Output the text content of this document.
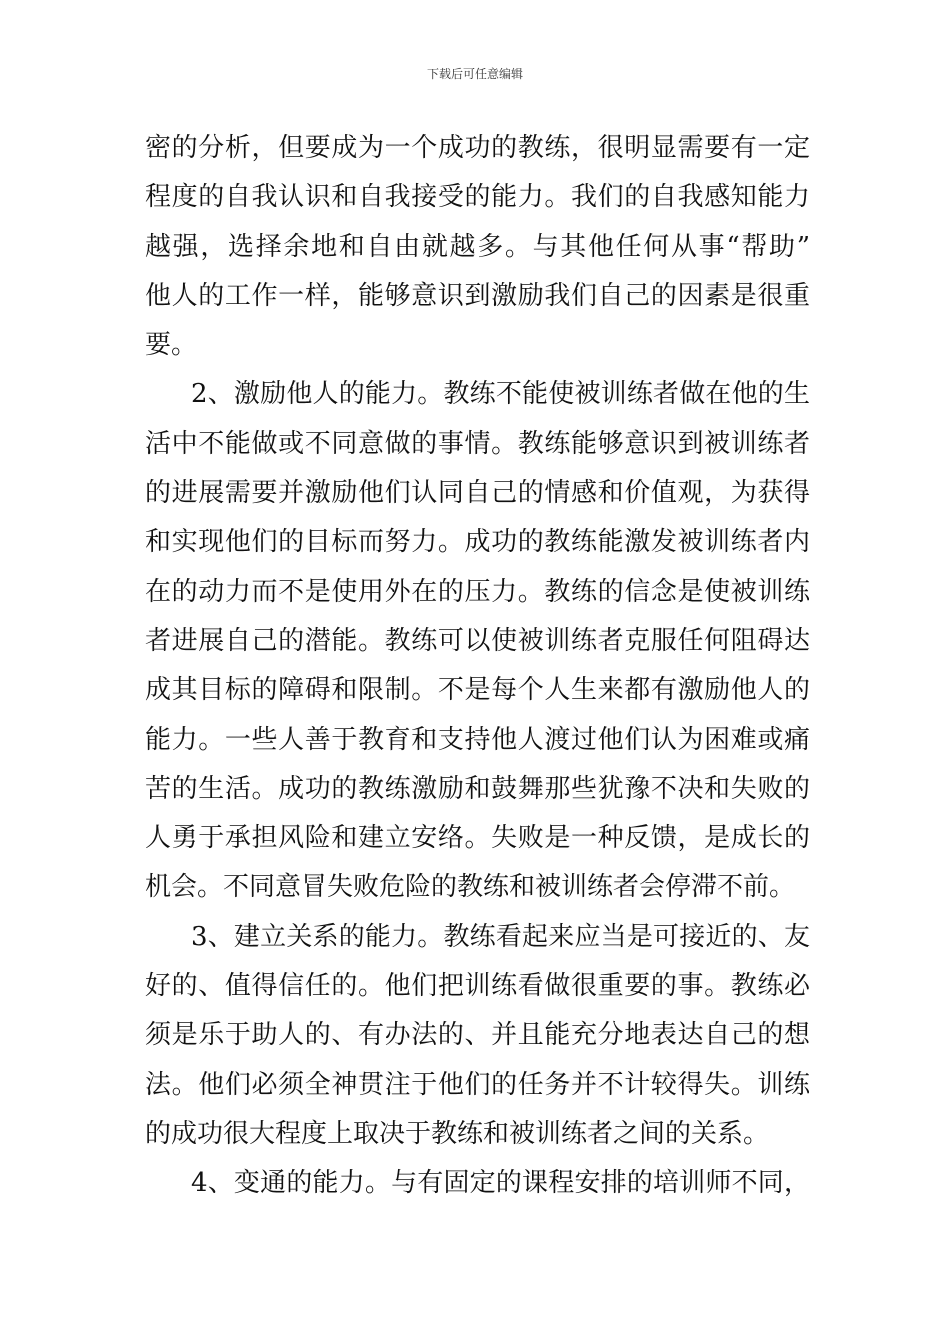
下载后可任意编辑
密的分析，但要成为一个成功的教练，很明显需要有一定
程度的自我认识和自我接受的能力。我们的自我感知能力
越强，选择余地和自由就越多。与其他任何从事“帮助”
他人的工作一样，能够意识到激励我们自己的因素是很重
要。
2、激励他人的能力。教练不能使被训练者做在他的生
活中不能做或不同意做的事情。教练能够意识到被训练者
的进展需要并激励他们认同自己的情感和价值观，为获得
和实现他们的目标而努力。成功的教练能激发被训练者内
在的动力而不是使用外在的压力。教练的信念是使被训练
者进展自己的潜能。教练可以使被训练者克服任何阻碍达
成其目标的障碍和限制。不是每个人生来都有激励他人的
能力。一些人善于教育和支持他人渡过他们认为困难或痛
苦的生活。成功的教练激励和鼓舞那些犹豫不决和失败的
人勇于承担风险和建立安络。失败是一种反馈，是成长的
机会。不同意冒失败危险的教练和被训练者会停滞不前。
3、建立关系的能力。教练看起来应当是可接近的、友
好的、值得信任的。他们把训练看做很重要的事。教练必
须是乐于助人的、有办法的、并且能充分地表达自己的想
法。他们必须全神贯注于他们的任务并不计较得失。训练
的成功很大程度上取决于教练和被训练者之间的关系。
4、变通的能力。与有固定的课程安排的培训师不同，
